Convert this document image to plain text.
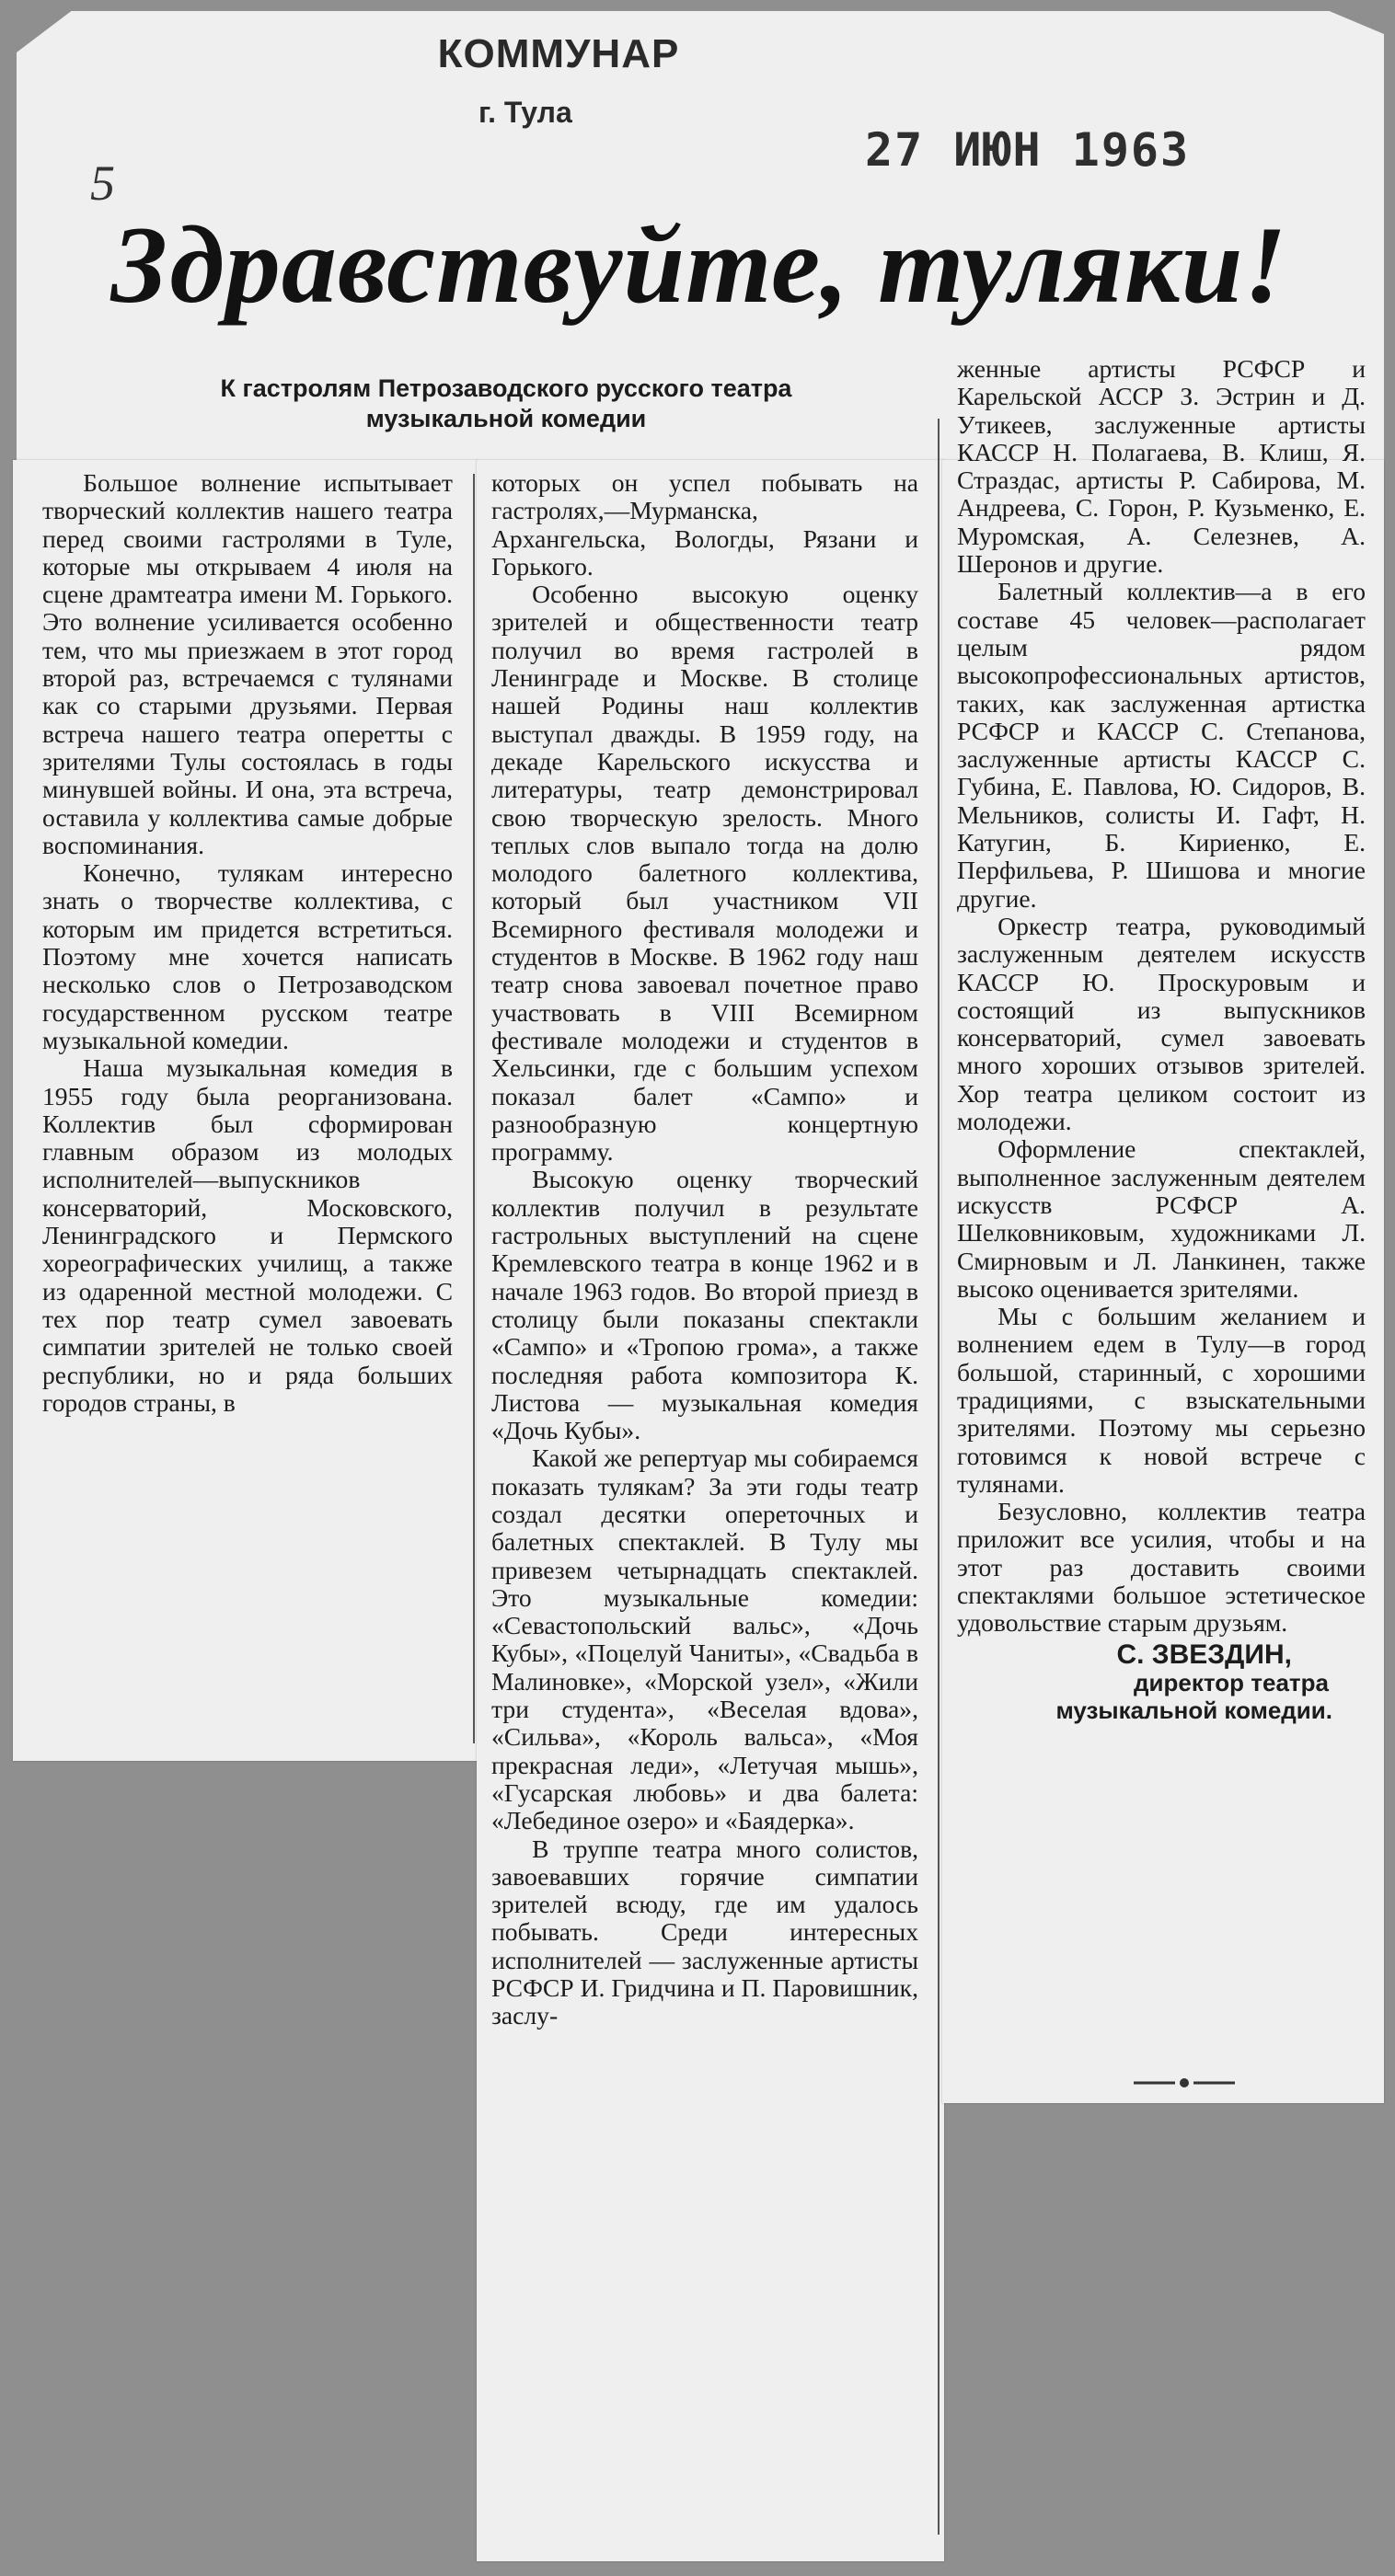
КОММУНАР
г. Тула
27 ИЮН 1963
5
Здравствуйте, туляки!
К гастролям Петрозаводского русского театра
музыкальной комедии

Большое волнение испытывает творческий коллектив нашего театра перед своими гастролями в Туле, которые мы открываем 4 июля на сцене драмтеатра имени М. Горького. Это волнение усиливается особенно тем, что мы приезжаем в этот город второй раз, встречаемся с тулянами как со старыми друзьями. Первая встреча нашего театра оперетты с зрителями Тулы состоялась в годы минувшей войны. И она, эта встреча, оставила у коллектива самые добрые воспоминания.

Конечно, тулякам интересно знать о творчестве коллектива, с которым им придется встретиться. Поэтому мне хочется написать несколько слов о Петрозаводском государственном русском театре музыкальной комедии.

Наша музыкальная комедия в 1955 году была реорганизована. Коллектив был сформирован главным образом из молодых исполнителей—выпускников консерваторий, Московского, Ленинградского и Пермского хореографических училищ, а также из одаренной местной молодежи. С тех пор театр сумел завоевать симпатии зрителей не только своей республики, но и ряда больших городов страны, в

которых он успел побывать на гастролях,—Мурманска, Архангельска, Вологды, Рязани и Горького.

Особенно высокую оценку зрителей и общественности театр получил во время гастролей в Ленинграде и Москве. В столице нашей Родины наш коллектив выступал дважды. В 1959 году, на декаде Карельского искусства и литературы, театр демонстрировал свою творческую зрелость. Много теплых слов выпало тогда на долю молодого балетного коллектива, который был участником VII Всемирного фестиваля молодежи и студентов в Москве. В 1962 году наш театр снова завоевал почетное право участвовать в VIII Всемирном фестивале молодежи и студентов в Хельсинки, где с большим успехом показал балет «Сампо» и разнообразную концертную программу.

Высокую оценку творческий коллектив получил в результате гастрольных выступлений на сцене Кремлевского театра в конце 1962 и в начале 1963 годов. Во второй приезд в столицу были показаны спектакли «Сампо» и «Тропою грома», а также последняя работа композитора К. Листова — музыкальная комедия «Дочь Кубы».

Какой же репертуар мы собираемся показать тулякам? За эти годы театр создал десятки опереточных и балетных спектаклей. В Тулу мы привезем четырнадцать спектаклей. Это музыкальные комедии: «Севастопольский вальс», «Дочь Кубы», «Поцелуй Чаниты», «Свадьба в Малиновке», «Морской узел», «Жили три студента», «Веселая вдова», «Сильва», «Король вальса», «Моя прекрасная леди», «Летучая мышь», «Гусарская любовь» и два балета: «Лебединое озеро» и «Баядерка».

В труппе театра много солистов, завоевавших горячие симпатии зрителей всюду, где им удалось побывать. Среди интересных исполнителей — заслуженные артисты РСФСР И. Гридчина и П. Паровишник, заслу-

женные артисты РСФСР и Карельской АССР З. Эстрин и Д. Утикеев, заслуженные артисты КАССР Н. Полагаева, В. Клиш, Я. Страздас, артисты Р. Сабирова, М. Андреева, С. Горон, Р. Кузьменко, Е. Муромская, А. Селезнев, А. Шеронов и другие.

Балетный коллектив—а в его составе 45 человек—располагает целым рядом высокопрофессиональных артистов, таких, как заслуженная артистка РСФСР и КАССР С. Степанова, заслуженные артисты КАССР С. Губина, Е. Павлова, Ю. Сидоров, В. Мельников, солисты И. Гафт, Н. Катугин, Б. Кириенко, Е. Перфильева, Р. Шишова и многие другие.

Оркестр театра, руководимый заслуженным деятелем искусств КАССР Ю. Проскуровым и состоящий из выпускников консерваторий, сумел завоевать много хороших отзывов зрителей. Хор театра целиком состоит из молодежи.

Оформление спектаклей, выполненное заслуженным деятелем искусств РСФСР А. Шелковниковым, художниками Л. Смирновым и Л. Ланкинен, также высоко оценивается зрителями.

Мы с большим желанием и волнением едем в Тулу—в город большой, старинный, с хорошими традициями, с взыскательными зрителями. Поэтому мы серьезно готовимся к новой встрече с тулянами.

Безусловно, коллектив театра приложит все усилия, чтобы и на этот раз доставить своими спектаклями большое эстетическое удовольствие старым друзьям.

С. ЗВЕЗДИН,
директор театра
музыкальной комедии.
